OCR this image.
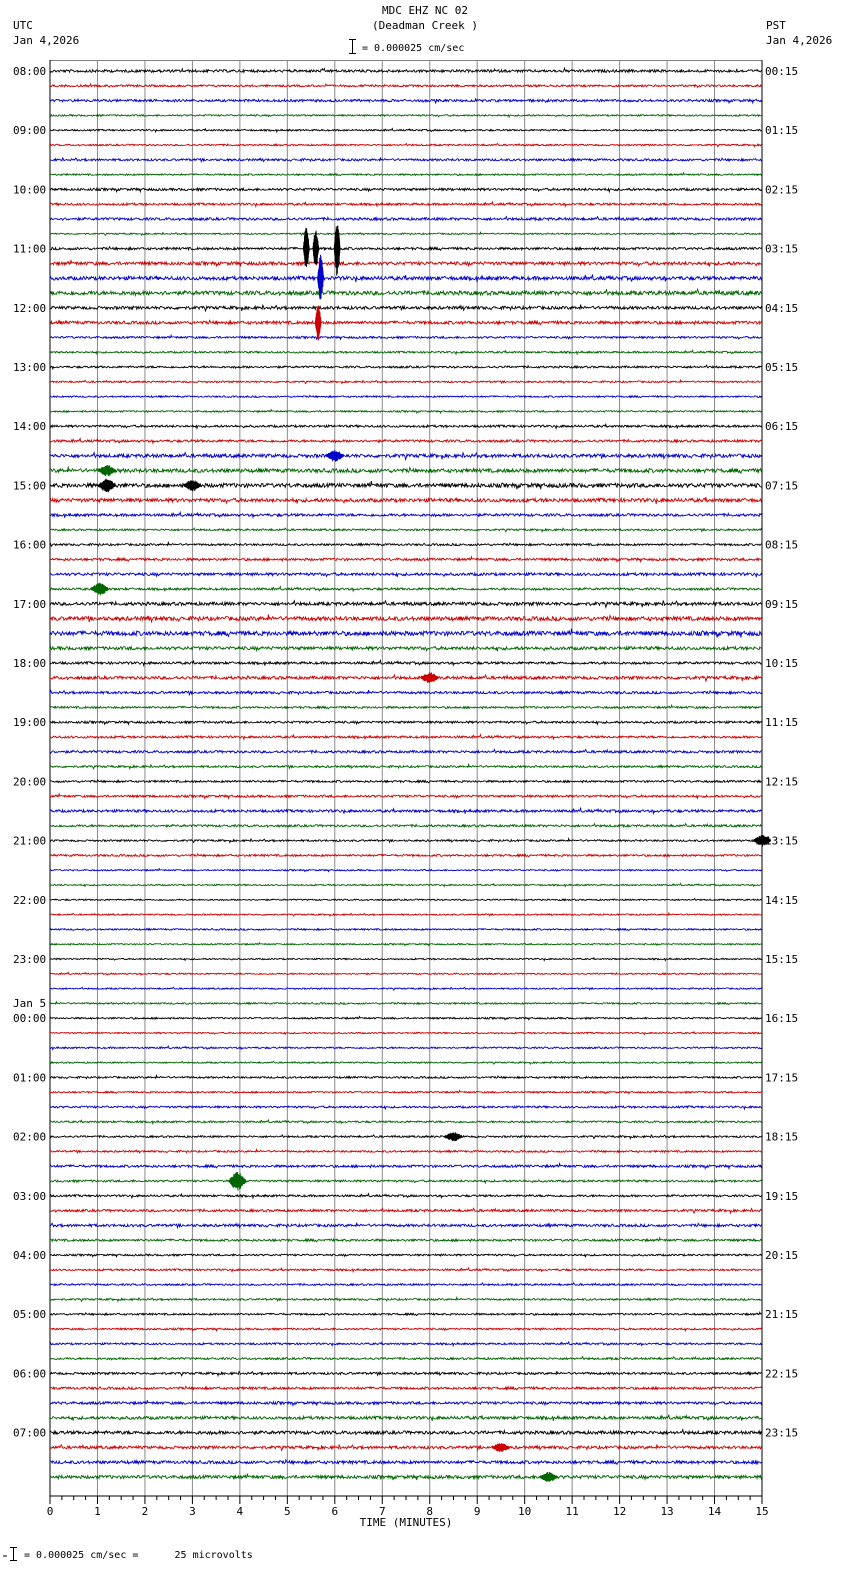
MDC EHZ NC 02
(Deadman Creek )
UTC
Jan 4,2026
PST
Jan 4,2026
= 0.000025 cm/sec
08:00
09:00
10:00
11:00
12:00
13:00
14:00
15:00
16:00
17:00
18:00
19:00
20:00
21:00
22:00
23:00
00:00
01:00
02:00
03:00
04:00
05:00
06:00
07:00
Jan 5
00:15
01:15
02:15
03:15
04:15
05:15
06:15
07:15
08:15
09:15
10:15
11:15
12:15
13:15
14:15
15:15
16:15
17:15
18:15
19:15
20:15
21:15
22:15
23:15
0	1	2	3	4	5	6	7	8	9	10	11	12	13	14	15
TIME (MINUTES)
= 0.000025 cm/sec =      25 microvolts
